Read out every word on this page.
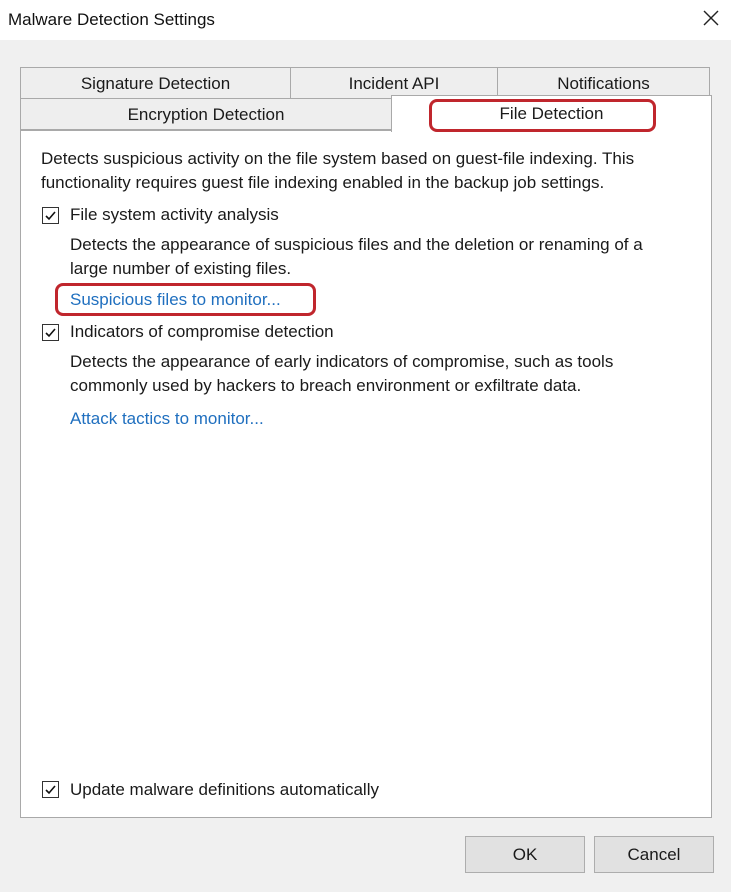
Malware Detection Settings
Signature Detection	Incident API	Notifications
Encryption Detection	File Detection

Detects suspicious activity on the file system based on guest-file indexing. This

functionality requires guest file indexing enabled in the backup job settings.

File system activity analysis

Detects the appearance of suspicious files and the deletion or renaming of a

large number of existing files.

Suspicious files to monitor...
Indicators of compromise detection

Detects the appearance of early indicators of compromise, such as tools

commonly used by hackers to breach environment or exfiltrate data.

Attack tactics to monitor...
Update malware definitions automatically
OK	Cancel
